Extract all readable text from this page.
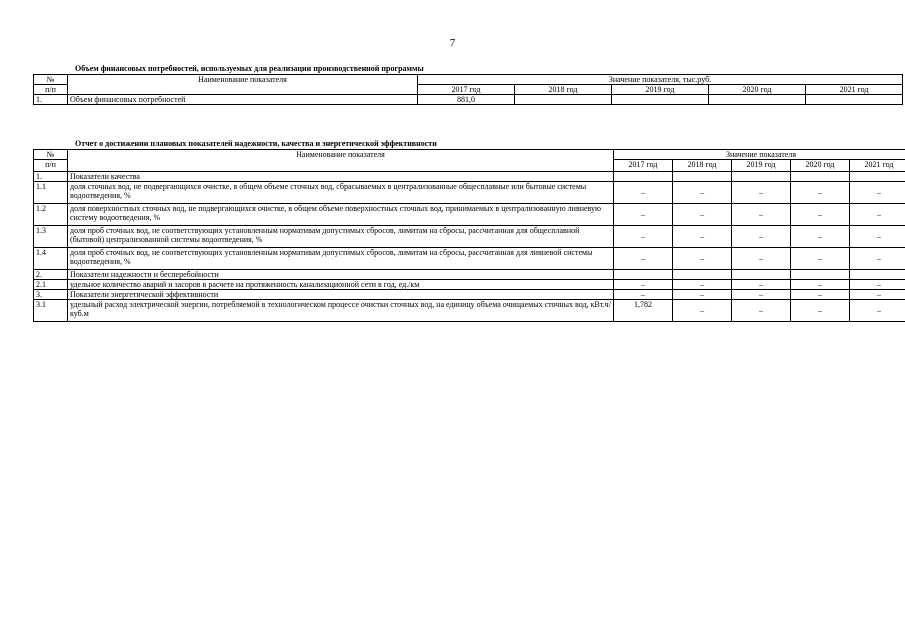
7
Объем финансовых потребностей, используемых для реализации производственной программы
№	Наименование показателя	Значение показателя, тыс.руб.				
п/п		2017 год	2018 год	2019 год	2020 год	2021 год
1.	Объем финансовых потребностей	881,0				
Отчет о достижении плановых показателей надежности, качества и энергетической эффективности
№	Наименование показателя	Значение показателя				
п/п		2017 год	2018 год	2019 год	2020 год	2021 год
1.	Показатели качества					
1.1	доля сточных вод, не подвергающихся очистке, в общем объеме сточных вод, сбрасываемых в централизованные общесплавные или бытовые системы водоотведения, %	–	–	–	–	–
1.2	доля поверхностных сточных вод, не подвергающихся очистке, в общем объеме поверхностных сточных вод, принимаемых в централизованную ливневую систему водоотведения, %	–	–	–	–	–
1.3	доля проб сточных вод, не соответствующих установленным нормативам допустимых сбросов, лимитам на сбросы, рассчитанная для общесплавной (бытовой) централизованной системы водоотведения, %	–	–	–	–	–
1.4	доля проб сточных вод, не соответствующих установленным нормативам допустимых сбросов, лимитам на сбросы, рассчитанная для ливневой системы водоотведения, %	–	–	–	–	–
2.	Показатели надежности и бесперебойности					
2.1	удельное количество аварий и засоров в расчете на протяженность канализационной сети в год, ед./км	–	–	–	–	–
3.	Показатели энергетической эффективности	–	–	–	–	–
3.1	удельный расход электрической энергии, потребляемой в технологическом процессе очистки сточных вод, на единицу объема очищаемых сточных вод, кВт.ч/куб.м	1,782	–	–	–	–
